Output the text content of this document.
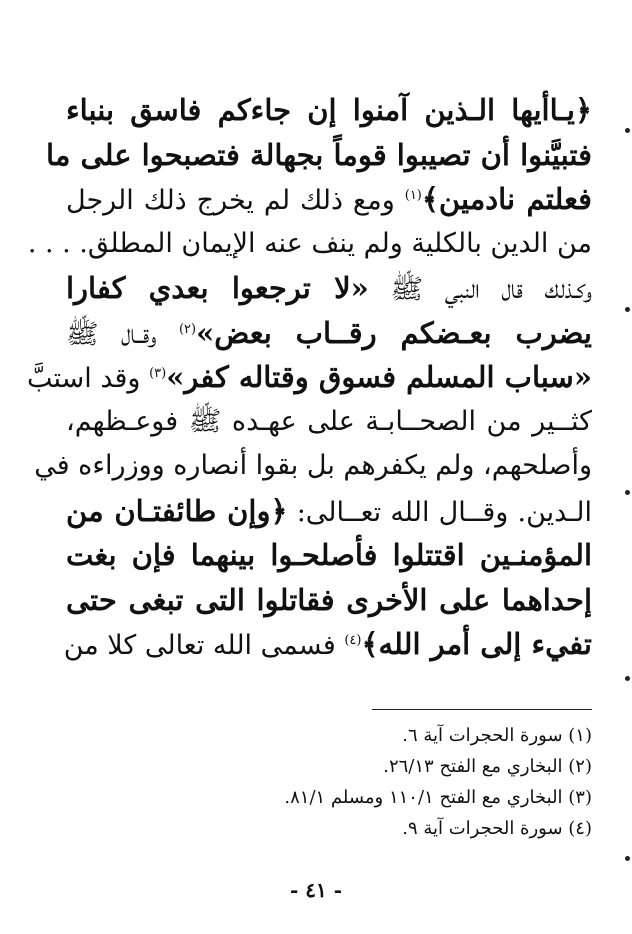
﴿يـاأيها الـذين آمنوا إن جاءكم فاسق بنباء
فتبيَّنوا أن تصيبوا قوماً بجهالة فتصبحوا على ما
فعلتم نادمين﴾$^{(١)}$ ومع ذلك لم يخرج ذلك الرجل
من الدين بالكلية ولم ينف عنه الإيمان المطلق. . . .
وكـذلك قال النبي ﷺ «لا ترجعوا بعدي كفارا
يضرب بعـضكم رقــاب بعض»$^{(٢)}$ وقــال ﷺ
«سباب المسلم فسوق وقتاله كفر»$^{(٣)}$ وقد استبَّ
كثــير من الصحــابـة على عهـده ﷺ فوعـظهم،
وأصلحهم، ولم يكفرهم بل بقوا أنصاره ووزراءه في
الـدين. وقــال الله تعــالى: ﴿وإن طائفتـان من
المؤمنـين اقتتلوا فأصلحـوا بينهما فإن بغت
إحداهما على الأخرى فقاتلوا التى تبغى حتى
تفيء إلى أمر الله﴾$^{(٤)}$ فسمى الله تعالى كلا من
(١) سورة الحجرات آية ٦.
(٢) البخاري مع الفتح ٢٦/١٣.
(٣) البخاري مع الفتح ١١٠/١ ومسلم ٨١/١.
(٤) سورة الحجرات آية ٩.
- ٤١ -
